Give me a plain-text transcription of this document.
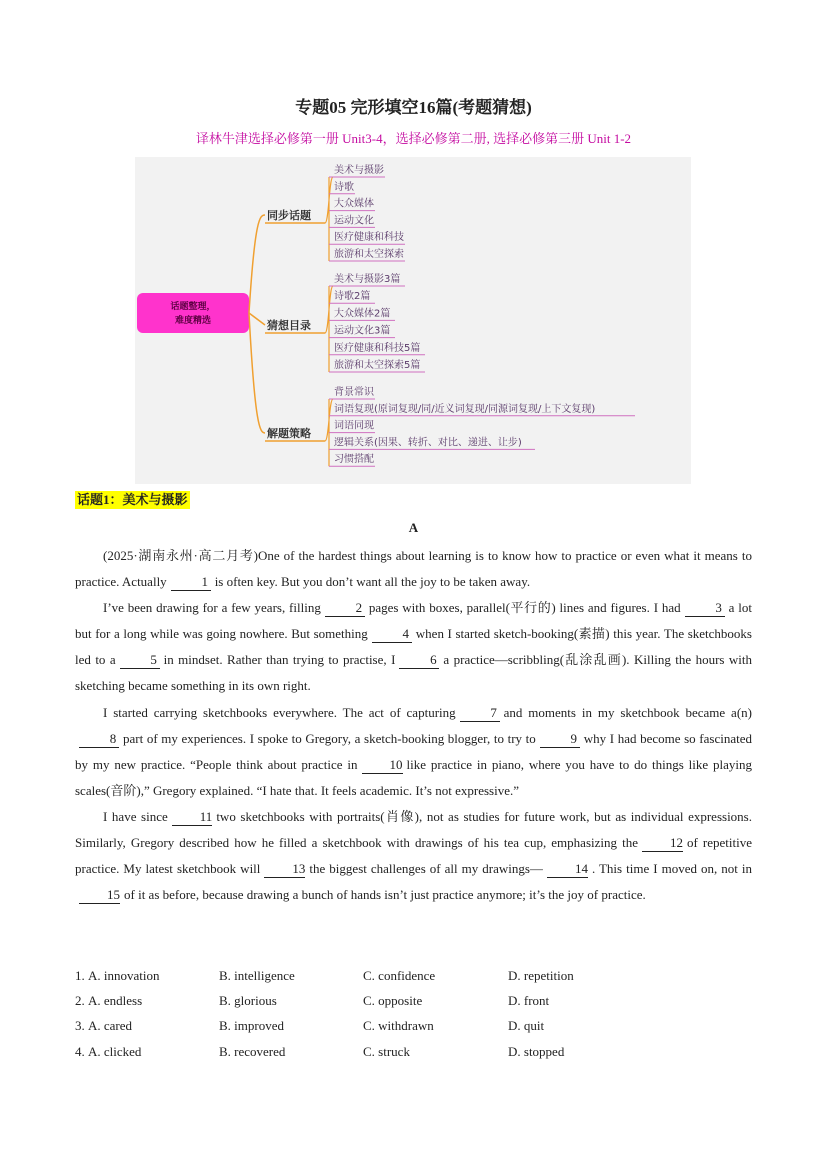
专题05 完形填空16篇(考题猜想)
译林牛津选择必修第一册 Unit3-4，选择必修第二册, 选择必修第三册 Unit 1-2
话题整理，
难度精选
同步话题
美术与摄影
诗歌
大众媒体
运动文化
医疗健康和科技
旅游和太空探索
猜想目录
美术与摄影3篇
诗歌2篇
大众媒体2篇
运动文化3篇
医疗健康和科技5篇
旅游和太空探索5篇
解题策略
背景常识
词语复现(原词复现/同/近义词复现/同源词复现/上下文复现)
词语同现
逻辑关系(因果、转折、对比、递进、让步)
习惯搭配
话题1：美术与摄影
A

(2025·湖南永州·高二月考)One of the hardest things about learning is to know how to practice or even what it means to practice. Actually	1 is often key. But you don’t want all the joy to be taken away.

I’ve been drawing for a few years, filling	2 pages with boxes, parallel(平行的) lines and figures. I had	3 a lot but for a long while was going nowhere. But something	4 when I started sketch-booking(素描) this year. The sketchbooks led to a	5 in mindset. Rather than trying to practise, I	6 a practice—scribbling(乱涂乱画). Killing the hours with sketching became something in its own right.

I started carrying sketchbooks everywhere. The act of capturing	7 and moments in my sketchbook became a(n)8 part of my experiences. I spoke to Gregory, a sketch-booking blogger, to try to	9 why I had become so fascinated by my new practice. “People think about practice in 10 like practice in piano, where you have to do things like playing scales(音阶),” Gregory explained. “I hate that. It feels academic. It’s not expressive.”

I have since 11 two sketchbooks with portraits(肖像), not as studies for future work, but as individual expressions. Similarly, Gregory described how he filled a sketchbook with drawings of his tea cup, emphasizing the 12 of repetitive practice. My latest sketchbook will 13 the biggest challenges of all my drawings— 14 . This time I moved on, not in15 of it as before, because drawing a bunch of hands isn’t just practice anymore; it’s the joy of practice.

1. A. innovation	B. intelligence	C. confidence	D. repetition
2. A. endless	B. glorious	C. opposite	D. front
3. A. cared	B. improved	C. withdrawn	D. quit
4. A. clicked	B. recovered	C. struck	D. stopped
